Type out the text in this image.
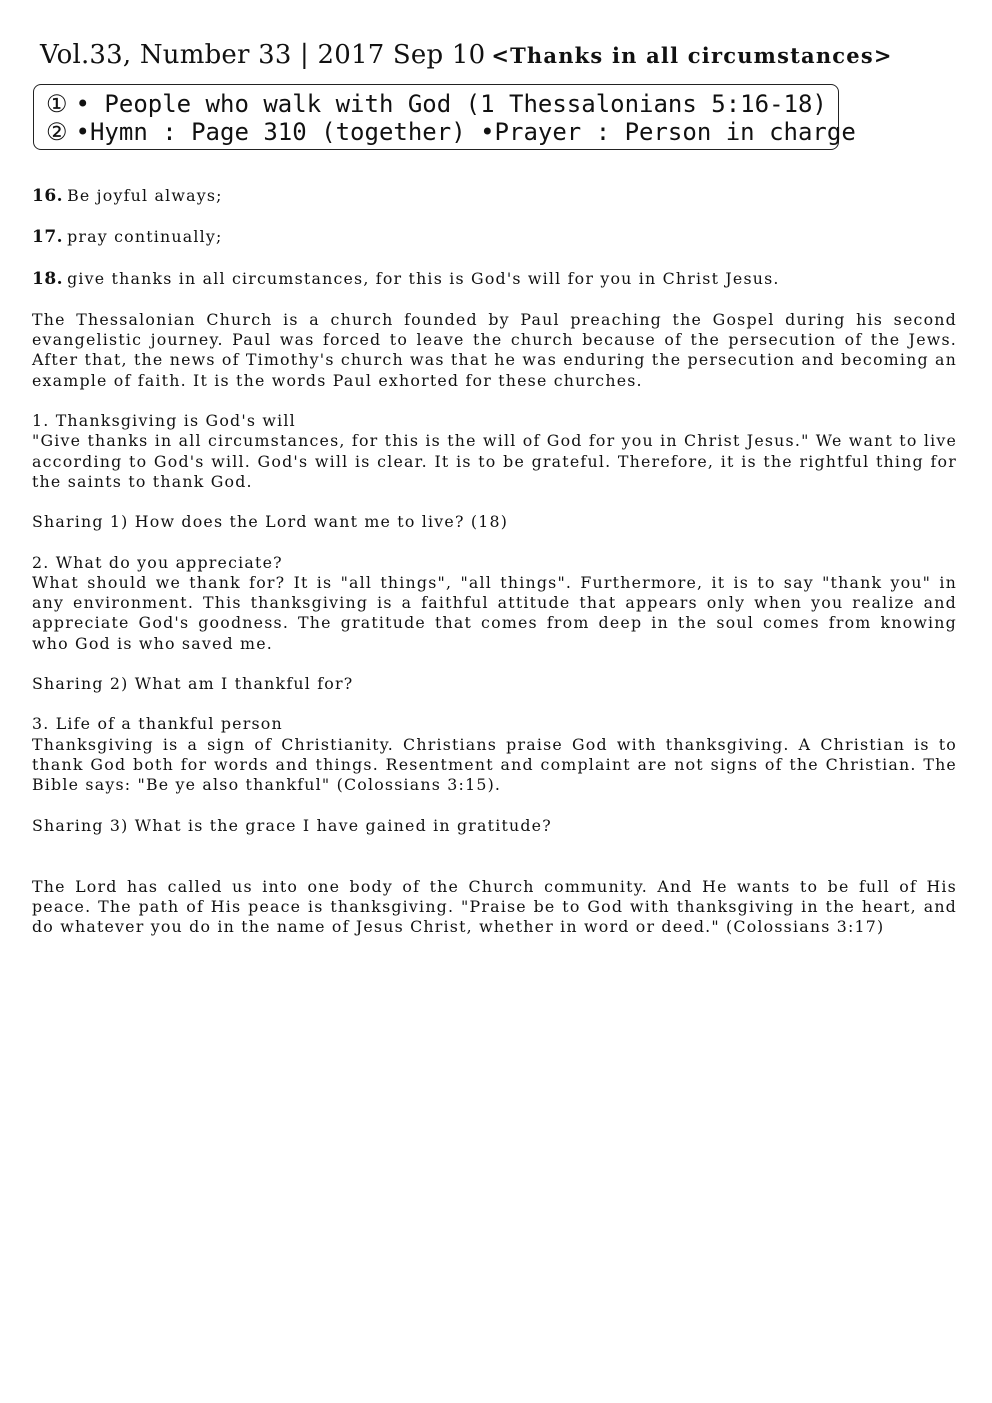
Vol.33, Number 33 | 2017 Sep 10 <Thanks in all circumstances>
① • People who walk with God (1 Thessalonians 5:16-18)
② •Hymn : Page 310 (together) •Prayer : Person in charge

16. Be joyful always;

17. pray continually;

18. give thanks in all circumstances, for this is God's will for you in Christ Jesus.

The Thessalonian Church is a church founded by Paul preaching the Gospel during his second evangelistic journey. Paul was forced to leave the church because of the persecution of the Jews. After that, the news of Timothy's church was that he was enduring the persecution and becoming an example of faith. It is the words Paul exhorted for these churches.

1. Thanksgiving is God's will

"Give thanks in all circumstances, for this is the will of God for you in Christ Jesus." We want to live according to God's will. God's will is clear. It is to be grateful. Therefore, it is the rightful thing for the saints to thank God.

Sharing 1) How does the Lord want me to live? (18)

2. What do you appreciate?

What should we thank for? It is "all things", "all things". Furthermore, it is to say "thank you" in any environment. This thanksgiving is a faithful attitude that appears only when you realize and appreciate God's goodness. The gratitude that comes from deep in the soul comes from knowing who God is who saved me.

Sharing 2) What am I thankful for?

3. Life of a thankful person

Thanksgiving is a sign of Christianity. Christians praise God with thanksgiving. A Christian is to thank God both for words and things. Resentment and complaint are not signs of the Christian. The Bible says: "Be ye also thankful" (Colossians 3:15).

Sharing 3) What is the grace I have gained in gratitude?

The Lord has called us into one body of the Church community. And He wants to be full of His peace. The path of His peace is thanksgiving. "Praise be to God with thanksgiving in the heart, and do whatever you do in the name of Jesus Christ, whether in word or deed." (Colossians 3:17)
